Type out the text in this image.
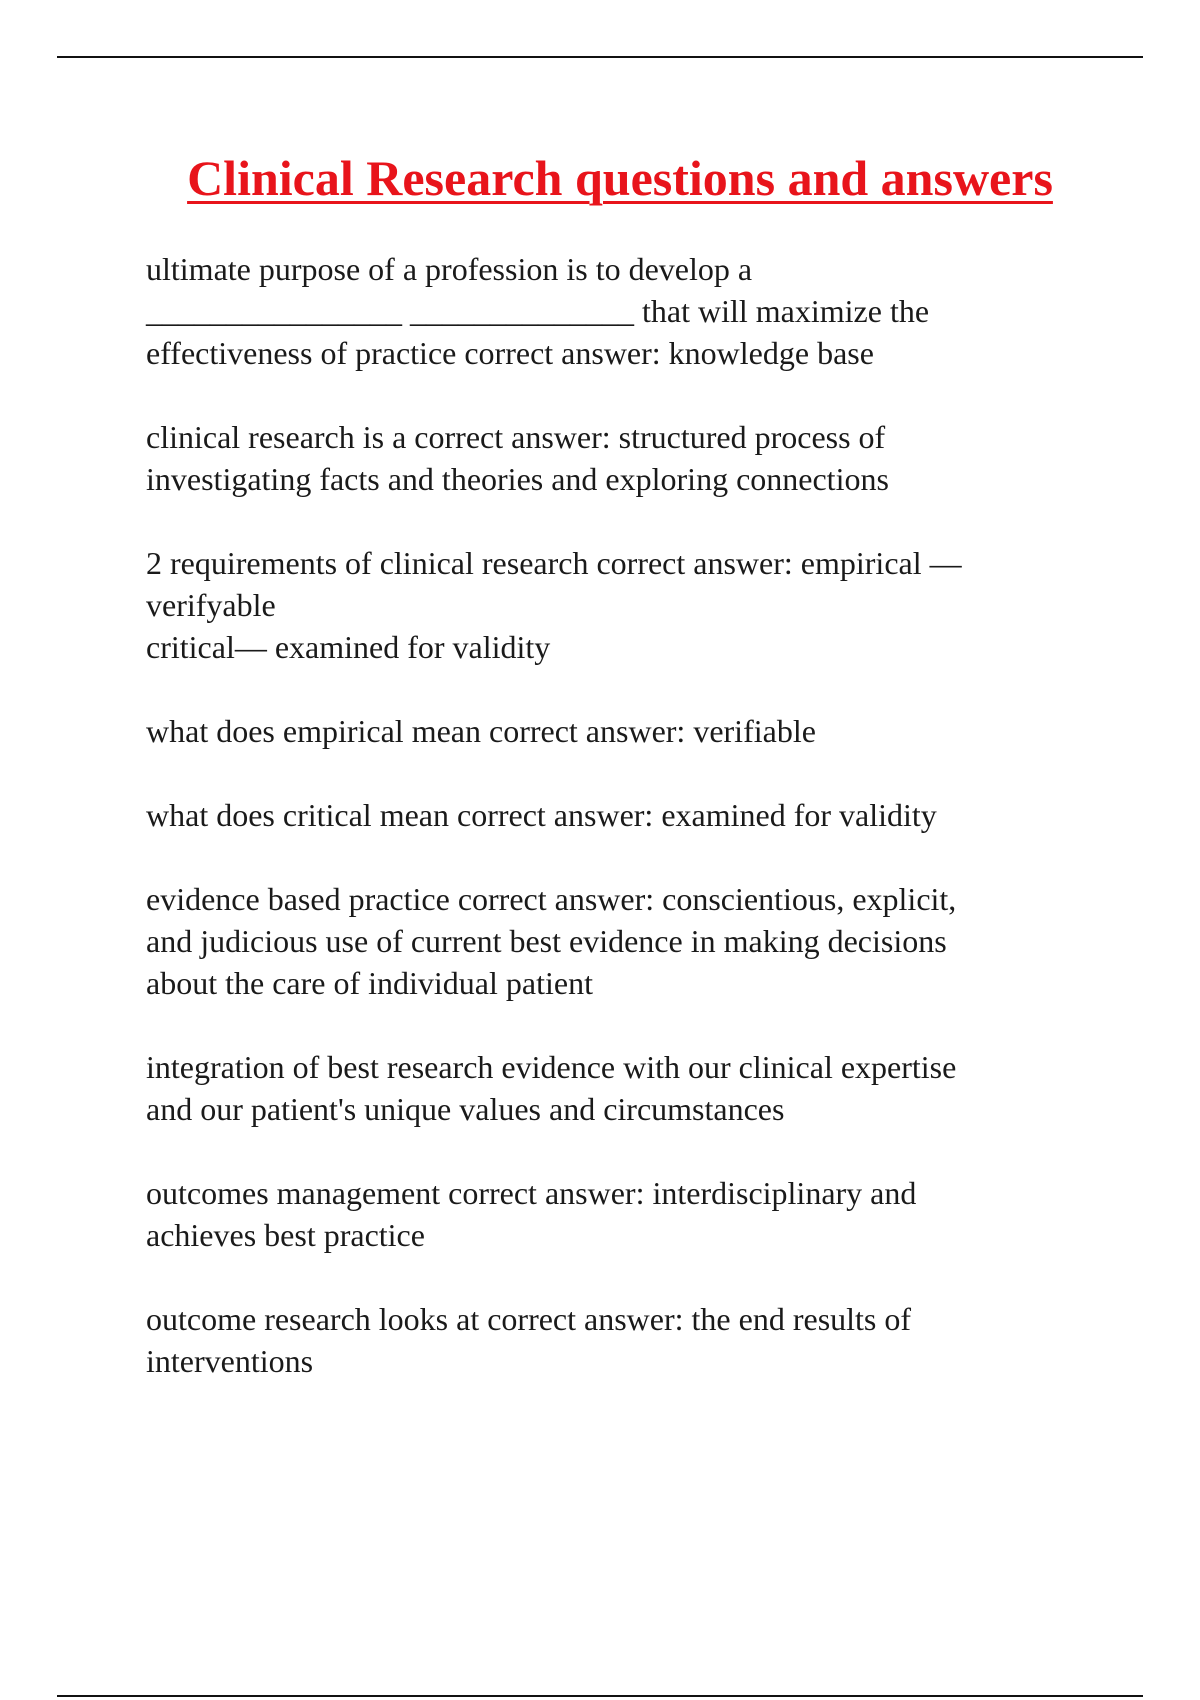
Clinical Research questions and answers
ultimate purpose of a profession is to develop a
________________ ______________ that will maximize the
effectiveness of practice correct answer: knowledge base
clinical research is a correct answer: structured process of
investigating facts and theories and exploring connections
2 requirements of clinical research correct answer: empirical —
verifyable
critical— examined for validity
what does empirical mean correct answer: verifiable
what does critical mean correct answer: examined for validity
evidence based practice correct answer: conscientious, explicit,
and judicious use of current best evidence in making decisions
about the care of individual patient
integration of best research evidence with our clinical expertise
and our patient's unique values and circumstances
outcomes management correct answer: interdisciplinary and
achieves best practice
outcome research looks at correct answer: the end results of
interventions
